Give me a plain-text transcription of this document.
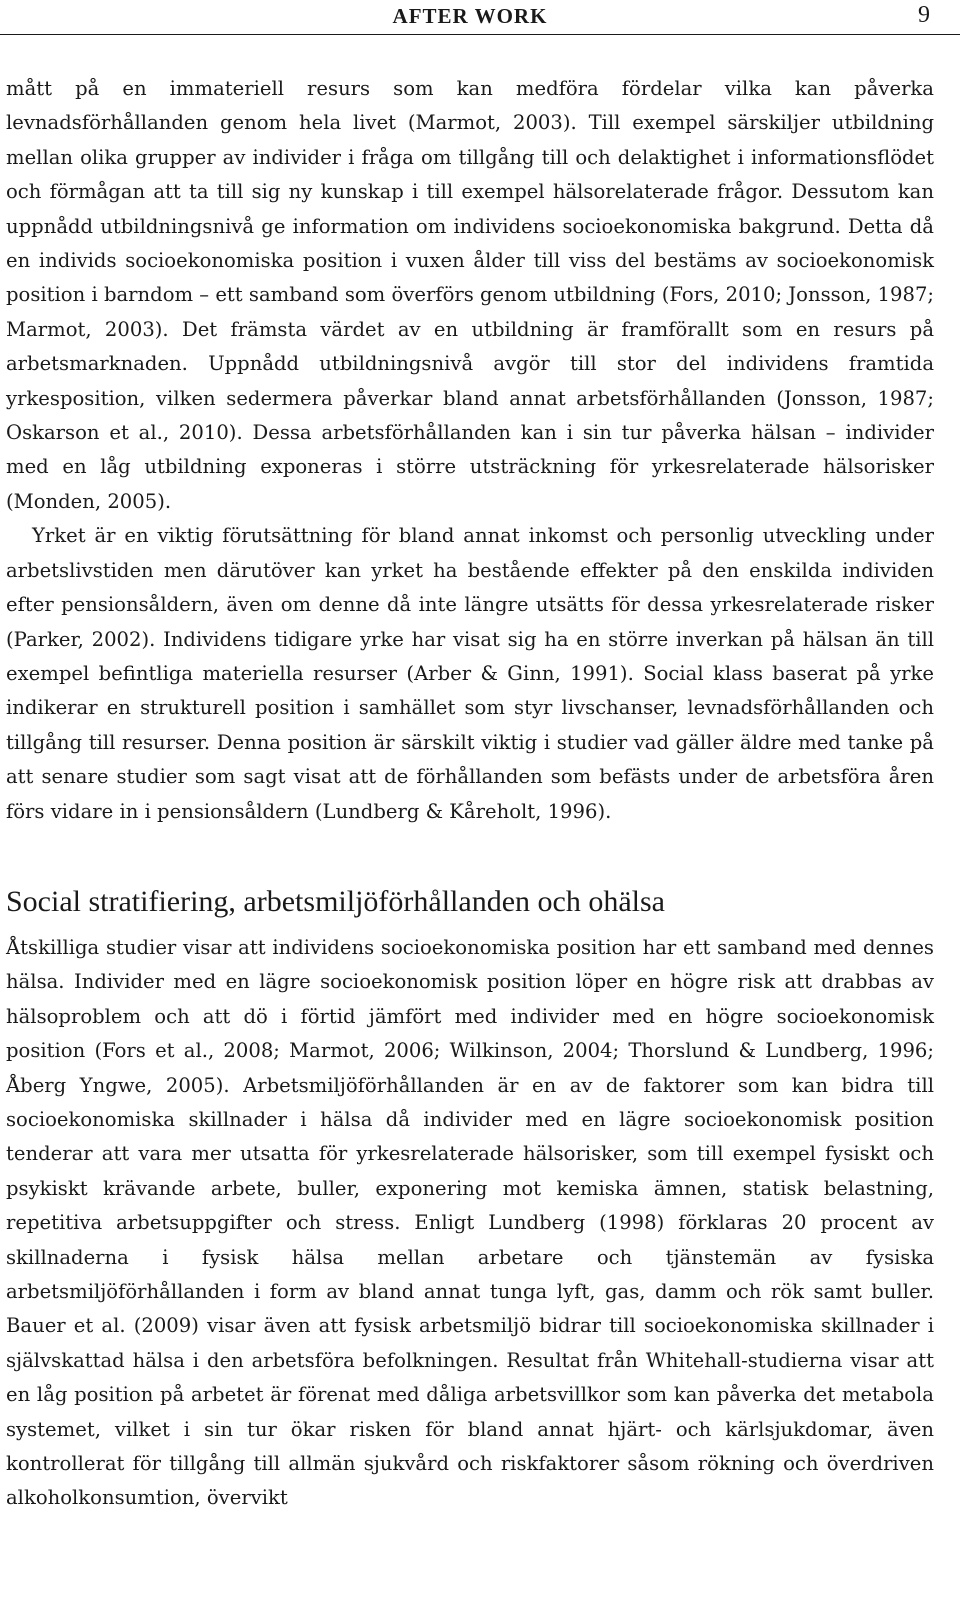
AFTER WORK	9

mått på en immateriell resurs som kan medföra fördelar vilka kan påverka levnadsförhållanden genom hela livet (Marmot, 2003). Till exempel särskiljer utbildning mellan olika grupper av individer i fråga om tillgång till och delaktighet i informationsflödet och förmågan att ta till sig ny kunskap i till exempel hälsorelaterade frågor. Dessutom kan uppnådd utbildningsnivå ge information om individens socioekonomiska bakgrund. Detta då en individs socioekonomiska position i vuxen ålder till viss del bestäms av socioekonomisk position i barndom – ett samband som överförs genom utbildning (Fors, 2010; Jonsson, 1987; Marmot, 2003). Det främsta värdet av en utbildning är framförallt som en resurs på arbetsmarknaden. Uppnådd utbildningsnivå avgör till stor del individens framtida yrkesposition, vilken sedermera påverkar bland annat arbetsförhållanden (Jonsson, 1987; Oskarson et al., 2010). Dessa arbetsförhållanden kan i sin tur påverka hälsan – individer med en låg utbildning exponeras i större utsträckning för yrkesrelaterade hälsorisker (Monden, 2005).

Yrket är en viktig förutsättning för bland annat inkomst och personlig utveckling under arbetslivstiden men därutöver kan yrket ha bestående effekter på den enskilda individen efter pensionsåldern, även om denne då inte längre utsätts för dessa yrkesrelaterade risker (Parker, 2002). Individens tidigare yrke har visat sig ha en större inverkan på hälsan än till exempel befintliga materiella resurser (Arber & Ginn, 1991). Social klass baserat på yrke indikerar en strukturell position i samhället som styr livschanser, levnadsförhållanden och tillgång till resurser. Denna position är särskilt viktig i studier vad gäller äldre med tanke på att senare studier som sagt visat att de förhållanden som befästs under de arbetsföra åren förs vidare in i pensionsåldern (Lundberg & Kåreholt, 1996).

Social stratifiering, arbetsmiljöförhållanden och ohälsa

Åtskilliga studier visar att individens socioekonomiska position har ett samband med dennes hälsa. Individer med en lägre socioekonomisk position löper en högre risk att drabbas av hälsoproblem och att dö i förtid jämfört med individer med en högre socioekonomisk position (Fors et al., 2008; Marmot, 2006; Wilkinson, 2004; Thorslund & Lundberg, 1996; Åberg Yngwe, 2005). Arbetsmiljöförhållanden är en av de faktorer som kan bidra till socioekonomiska skillnader i hälsa då individer med en lägre socioekonomisk position tenderar att vara mer utsatta för yrkesrelaterade hälsorisker, som till exempel fysiskt och psykiskt krävande arbete, buller, exponering mot kemiska ämnen, statisk belastning, repetitiva arbetsuppgifter och stress. Enligt Lundberg (1998) förklaras 20 procent av skillnaderna i fysisk hälsa mellan arbetare och tjänstemän av fysiska arbetsmiljöförhållanden i form av bland annat tunga lyft, gas, damm och rök samt buller. Bauer et al. (2009) visar även att fysisk arbetsmiljö bidrar till socioekonomiska skillnader i självskattad hälsa i den arbetsföra befolkningen. Resultat från Whitehall-studierna visar att en låg position på arbetet är förenat med dåliga arbetsvillkor som kan påverka det metabola systemet, vilket i sin tur ökar risken för bland annat hjärt- och kärlsjukdomar, även kontrollerat för tillgång till allmän sjukvård och riskfaktorer såsom rökning och överdriven alkoholkonsumtion, övervikt
